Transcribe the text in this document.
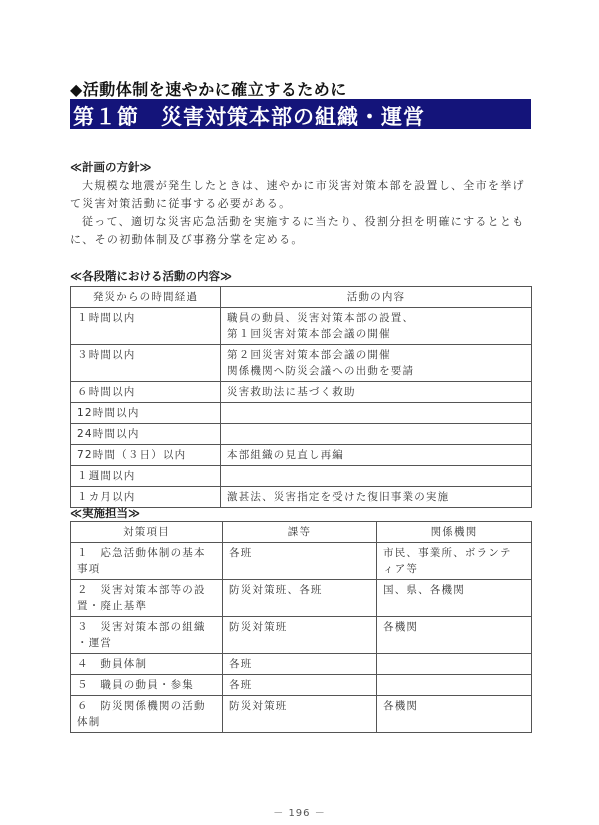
◆活動体制を速やかに確立するために
第１節　災害対策本部の組織・運営
≪計画の方針≫

大規模な地震が発生したときは、速やかに市災害対策本部を設置し、全市を挙げて災害対策活動に従事する必要がある。

従って、適切な災害応急活動を実施するに当たり、役割分担を明確にするとともに、その初動体制及び事務分掌を定める。

≪各段階における活動の内容≫
発災からの時間経過	活動の内容
１時間以内	職員の動員、災害対策本部の設置、
第１回災害対策本部会議の開催

３時間以内	第２回災害対策本部会議の開催
関係機関へ防災会議への出動を要請

６時間以内	災害救助法に基づく救助

12時間以内	

24時間以内	

72時間（３日）以内	本部組織の見直し再編

１週間以内	

１カ月以内	激甚法、災害指定を受けた復旧事業の実施
≪実施担当≫
対策項目	課等	関係機関

１　応急活動体制の基本
事項	各班	市民、事業所、ボランテ
ィア等

２　災害対策本部等の設
置・廃止基準	防災対策班、各班	国、県、各機関

３　災害対策本部の組織
・運営	防災対策班	各機関

４　動員体制	各班	

５　職員の動員・参集	各班	

６　防災関係機関の活動
体制	防災対策班	各機関
－ 196 －
